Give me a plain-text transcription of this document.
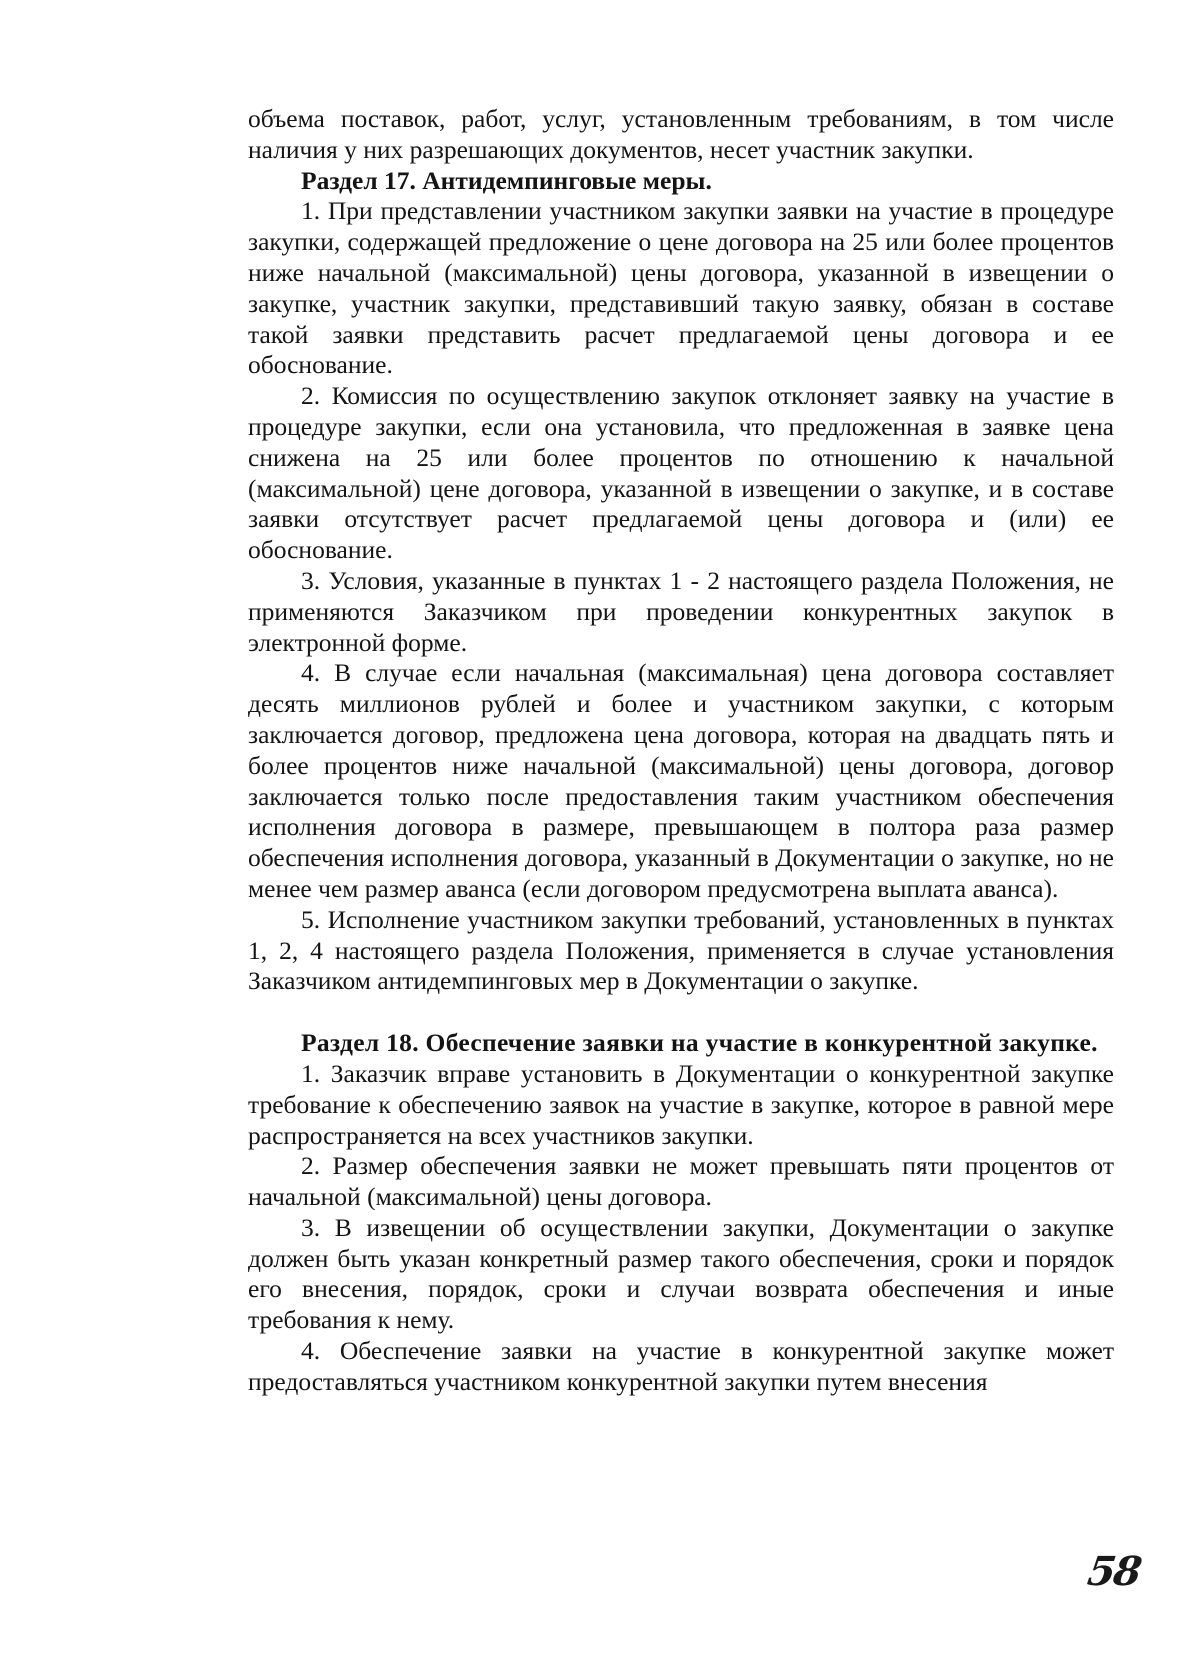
объема поставок, работ, услуг, установленным требованиям, в том числе наличия у них разрешающих документов, несет участник закупки.

Раздел 17. Антидемпинговые меры.

1. При представлении участником закупки заявки на участие в процедуре закупки, содержащей предложение о цене договора на 25 или более процентов ниже начальной (максимальной) цены договора, указанной в извещении о закупке, участник закупки, представивший такую заявку, обязан в составе такой заявки представить расчет предлагаемой цены договора и ее обоснование.

2. Комиссия по осуществлению закупок отклоняет заявку на участие в процедуре закупки, если она установила, что предложенная в заявке цена снижена на 25 или более процентов по отношению к начальной (максимальной) цене договора, указанной в извещении о закупке, и в составе заявки отсутствует расчет предлагаемой цены договора и (или) ее обоснование.

3. Условия, указанные в пунктах 1 - 2 настоящего раздела Положения, не применяются Заказчиком при проведении конкурентных закупок в электронной форме.

4. В случае если начальная (максимальная) цена договора составляет десять миллионов рублей и более и участником закупки, с которым заключается договор, предложена цена договора, которая на двадцать пять и более процентов ниже начальной (максимальной) цены договора, договор заключается только после предоставления таким участником обеспечения исполнения договора в размере, превышающем в полтора раза размер обеспечения исполнения договора, указанный в Документации о закупке, но не менее чем размер аванса (если договором предусмотрена выплата аванса).

5. Исполнение участником закупки требований, установленных в пунктах 1, 2, 4 настоящего раздела Положения, применяется в случае установления Заказчиком антидемпинговых мер в Документации о закупке.

Раздел 18. Обеспечение заявки на участие в конкурентной закупке.

1. Заказчик вправе установить в Документации о конкурентной закупке требование к обеспечению заявок на участие в закупке, которое в равной мере распространяется на всех участников закупки.

2. Размер обеспечения заявки не может превышать пяти процентов от начальной (максимальной) цены договора.

3. В извещении об осуществлении закупки, Документации о закупке должен быть указан конкретный размер такого обеспечения, сроки и порядок его внесения, порядок, сроки и случаи возврата обеспечения и иные требования к нему.

4. Обеспечение заявки на участие в конкурентной закупке может предоставляться участником конкурентной закупки путем внесения

58
